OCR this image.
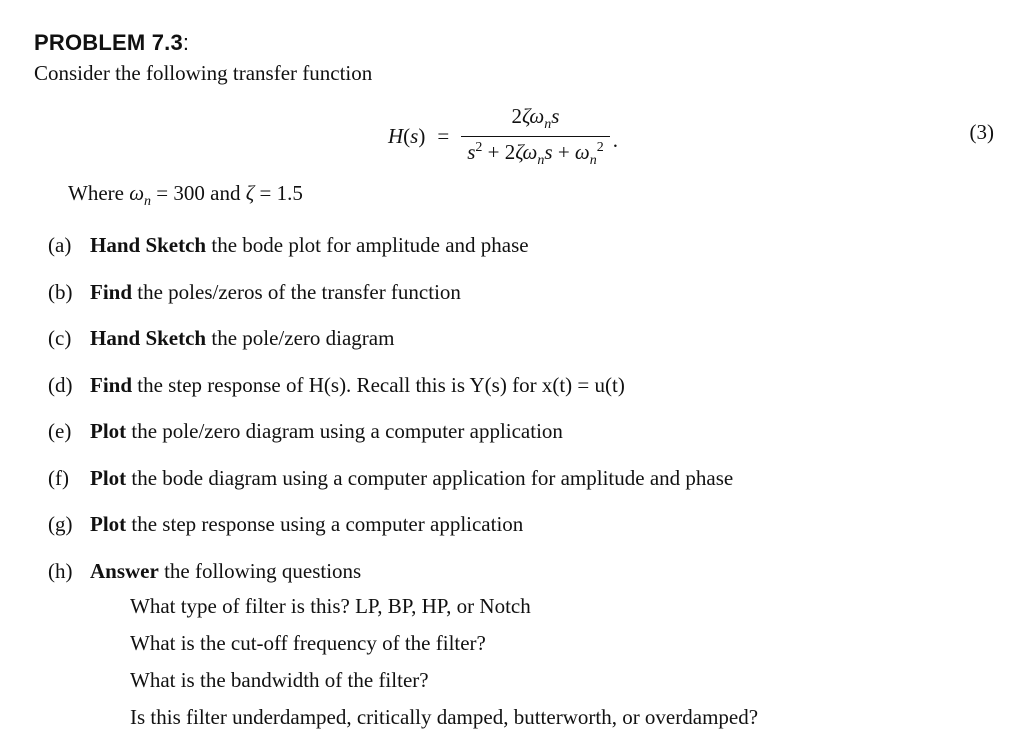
PROBLEM 7.3:
Consider the following transfer function
$H(s) = \frac{2\zeta\omega_ns}{s^2 + 2\zeta\omega_ns + \omega_n^2}$ .	(3)
Where $\omega_n = 300$ and ζ = 1.5
(a) Hand Sketch the bode plot for amplitude and phase
(b) Find the poles/zeros of the transfer function
(c) Hand Sketch the pole/zero diagram
(d) Find the step response of H(s). Recall this is Y(s) for x(t) = u(t)
(e) Plot the pole/zero diagram using a computer application
(f) Plot the bode diagram using a computer application for amplitude and phase
(g) Plot the step response using a computer application
(h) Answer the following questions
What type of filter is this? LP, BP, HP, or Notch
What is the cut-off frequency of the filter?
What is the bandwidth of the filter?
Is this filter underdamped, critically damped, butterworth, or overdamped?
